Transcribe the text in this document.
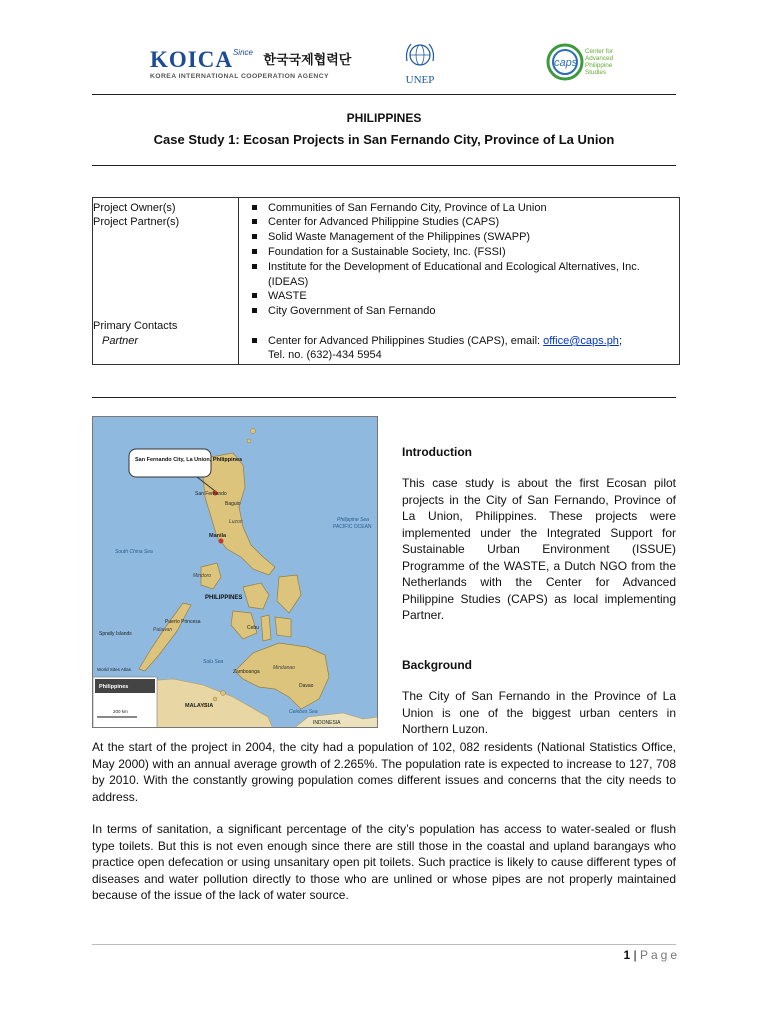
$KOICA^{Since}$ 한국국제협력단
KOREA INTERNATIONAL COOPERATION AGENCY	UNEP
caps
Center for Advanced Philippine Studies
PHILIPPINES
Case Study 1: Ecosan Projects in San Fernando City, Province of La Union
Project Owner(s)
Project Partner(s)
Primary Contacts
Partner
Communities of San Fernando City, Province of La Union
Center for Advanced Philippine Studies (CAPS)
Solid Waste Management of the Philippines (SWAPP)
Foundation for a Sustainable Society, Inc. (FSSI)
Institute for the Development of Educational and Ecological Alternatives, Inc.
(IDEAS)
WASTE
City Government of San Fernando
Center for Advanced Philippines Studies (CAPS), email: office@caps.ph;
Tel. no. (632)-434 5954
San Fernando City, La Union, Philippines
San Fernando
Baguio
Manila
Luzon
Mindoro
PHILIPPINES
Palawan
Puerto Princesa
Cebu
Mindanao
Zamboanga
Davao
Sulu Sea
Celebes Sea
Philippine Sea
PACIFIC OCEAN
South China Sea
Spratly Islands
MALAYSIA
INDONESIA
Philippines
World Sites Atlas
200 km
Introduction
This case study is about the first Ecosan pilot projects in the City of San Fernando, Province of La Union, Philippines. These projects were implemented under the Integrated Support for Sustainable Urban Environment (ISSUE) Programme of the WASTE, a Dutch NGO from the Netherlands with the Center for Advanced Philippine Studies (CAPS) as local implementing Partner.
Background
The City of San Fernando in the Province of La Union is one of the biggest urban centers in Northern Luzon.
At the start of the project in 2004, the city had a population of 102, 082 residents (National Statistics Office, May 2000) with an annual average growth of 2.265%. The population rate is expected to increase to 127, 708 by 2010. With the constantly growing population comes different issues and concerns that the city needs to address.
In terms of sanitation, a significant percentage of the city’s population has access to water-sealed or flush type toilets. But this is not even enough since there are still those in the coastal and upland barangays who practice open defecation or using unsanitary open pit toilets. Such practice is likely to cause different types of diseases and water pollution directly to those who are unlined or whose pipes are not properly maintained because of the issue of the lack of water source.
1 | Page
